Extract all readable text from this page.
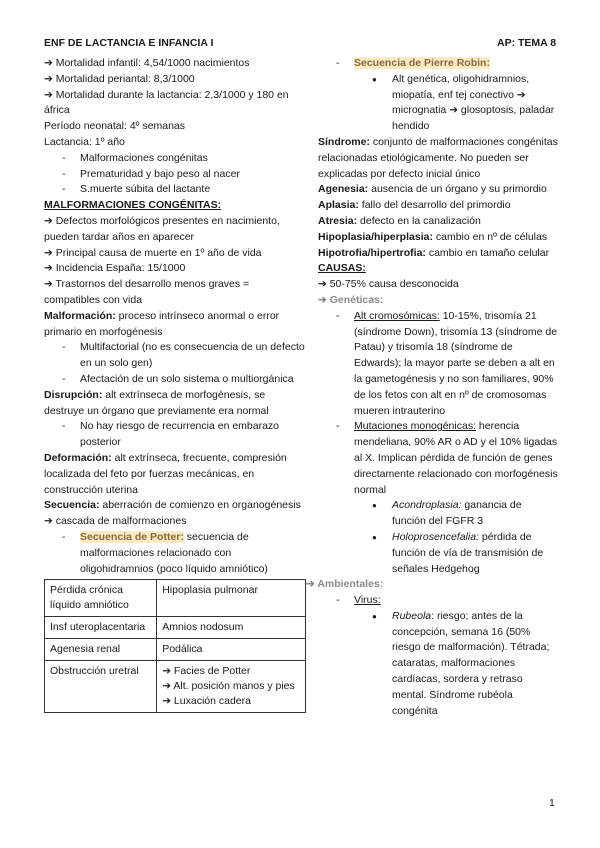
ENF DE LACTANCIA E INFANCIA I	AP: TEMA 8

➔ Mortalidad infantil: 4,54/1000 nacimientos

➔ Mortalidad periantal: 8,3/1000

➔ Mortalidad durante la lactancia: 2,3/1000 y 180 en áfrica

Período neonatal: 4º semanas

Lactancia: 1º año

- Malformaciones congénitas

- Prematuridad y bajo peso al nacer

- S.muerte súbita del lactante

MALFORMACIONES CONGÉNITAS:

➔ Defectos morfológicos presentes en nacimiento, pueden tardar años en aparecer

➔ Principal causa de muerte en 1º año de vida

➔ Incidencia España: 15/1000

➔ Trastornos del desarrollo menos graves = compatibles con vida

Malformación: proceso intrínseco anormal o error primario en morfogénesis

- Multifactorial (no es consecuencia de un defecto en un solo gen)

- Afectación de un solo sistema o multiorgánica

Disrupción: alt extrínseca de morfogénesis, se destruye un órgano que previamente era normal

- No hay riesgo de recurrencia en embarazo posterior

Deformación: alt extrínseca, frecuente, compresión localizada del feto por fuerzas mecánicas, en construcción uterina

Secuencia: aberración de comienzo en organogénesis ➔ cascada de malformaciones

- Secuencia de Potter: secuencia de malformaciones relacionado con oligohidramnios (poco líquido amniótico)

Pérdida crónica líquido amniótico	Hipoplasia pulmonar
Insf uteroplacentaria	Amnios nodosum
Agenesia renal	Podálica
Obstrucción uretral	➔ Facies de Potter
➔ Alt. posición manos y pies
➔ Luxación cadera

- Secuencia de Pierre Robin:

● Alt genética, oligohidramnios, miopatía, enf tej conectivo ➔ micrognatia ➔ glosoptosis, paladar hendido

Síndrome: conjunto de malformaciones congénitas relacionadas etiológicamente. No pueden ser explicadas por defecto inicial único

Agenesia: ausencia de un órgano y su primordio

Aplasia: fallo del desarrollo del primordio

Atresia: defecto en la canalización

Hipoplasia/hiperplasia: cambio en nº de células

Hipotrofia/hipertrofia: cambio en tamaño celular

CAUSAS:

➔ 50-75% causa desconocida

➔ Genéticas:

- Alt cromosómicas: 10-15%, trisomía 21 (síndrome Down), trisomía 13 (síndrome de Patau) y trisomía 18 (síndrome de Edwards); la mayor parte se deben a alt en la gametogénesis y no son familiares, 90% de los fetos con alt en nº de cromosomas mueren intrauterino

- Mutaciones monogénicas: herencia mendeliana, 90% AR o AD y el 10% ligadas al X. Implican pérdida de función de genes directamente relacionado con morfogénesis normal

● Acondroplasia: ganancia de función del FGFR 3

● Holoprosencefalia: pérdida de función de vía de transmisión de señales Hedgehog

➔ Ambientales:

- Virus:

● Rubeola: riesgo; antes de la concepción, semana 16 (50% riesgo de malformación). Tétrada; cataratas, malformaciones cardíacas, sordera y retraso mental. Síndrome rubéola congénita

1
